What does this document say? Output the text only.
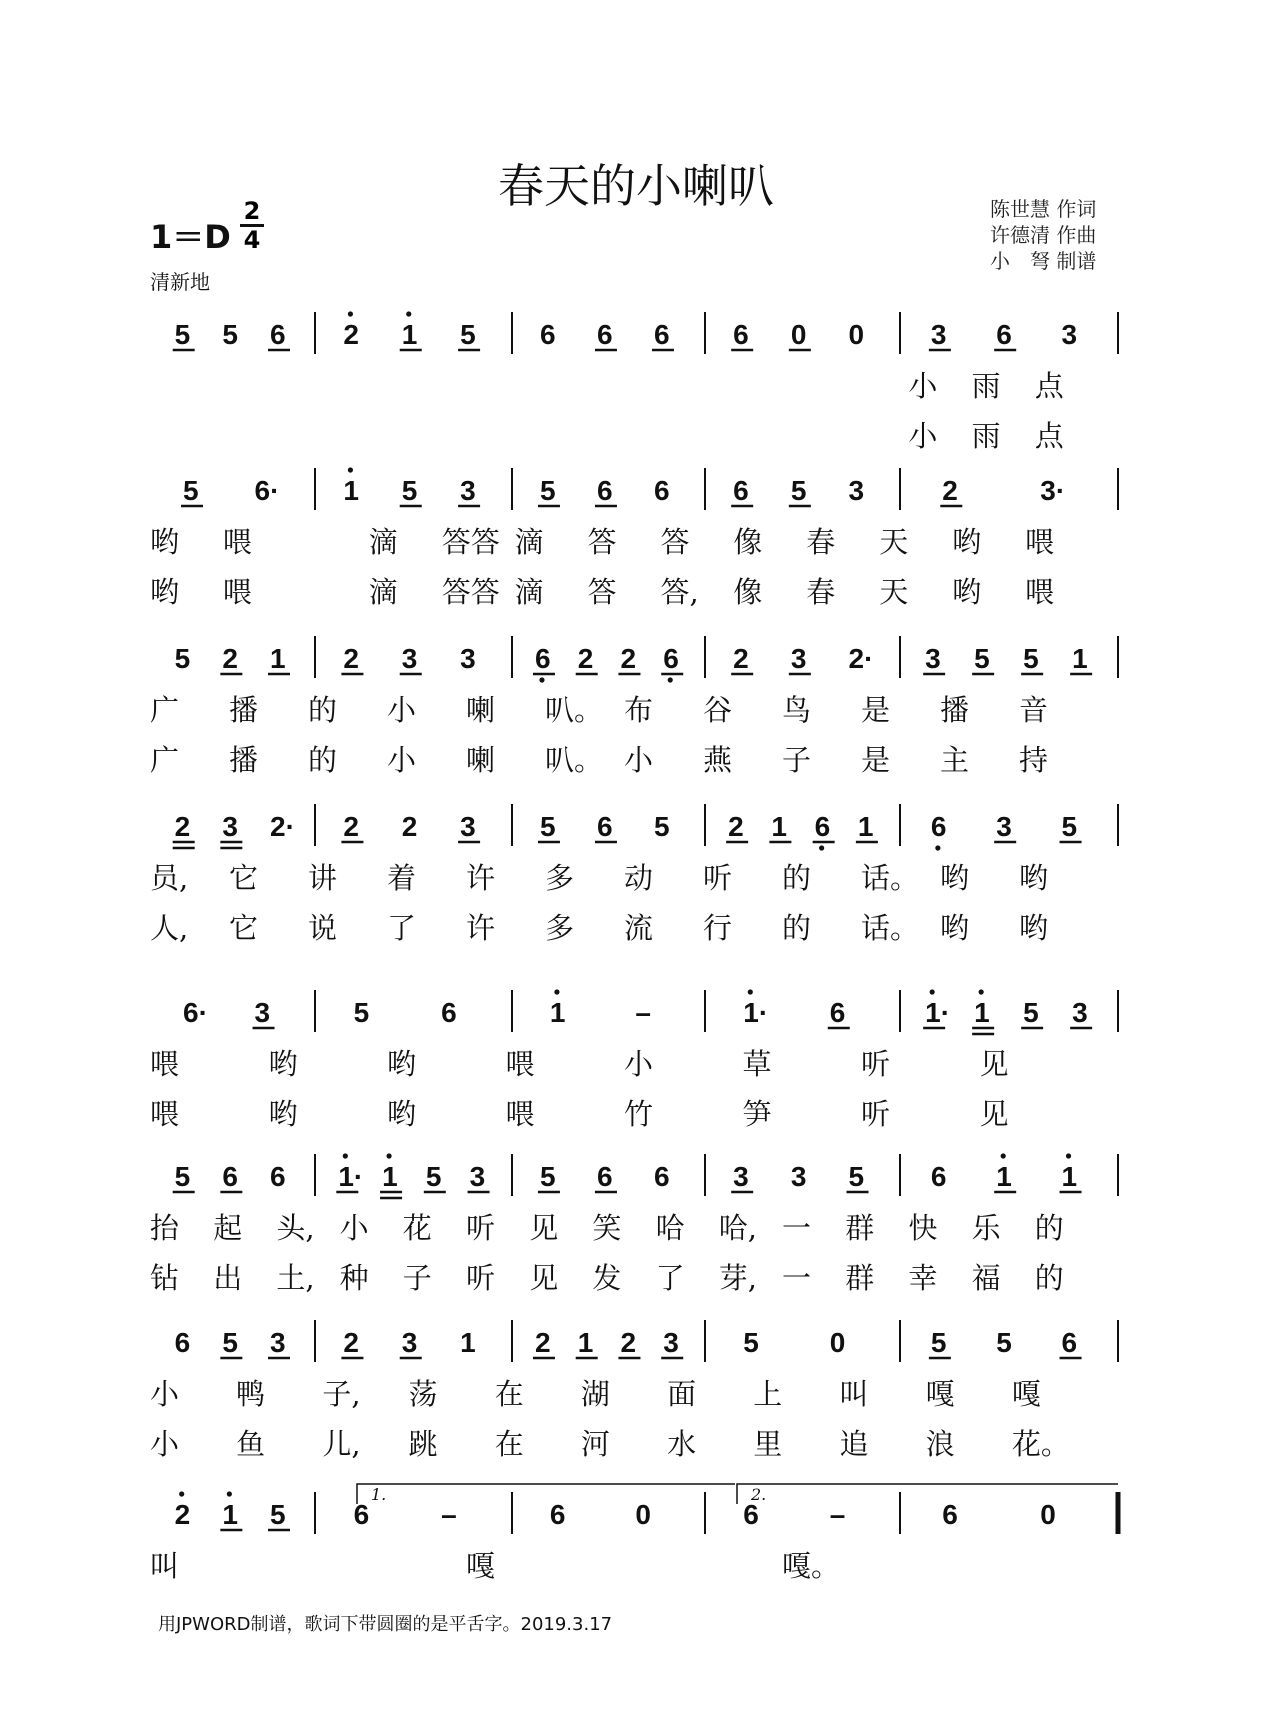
春天的小喇叭
1＝D
2
4
清新地
陈世慧 作词
许德清 作曲
小　弩 制谱
5 5 6 2 1 5 6 6 6 6 0 0 3 6 3
小 雨 点
小 雨 点
5 6· 1 5 3 5 6 6 6 5 3	2	3·
哟 喂	滴 答答 滴 答 答 像 春 天 哟 喂
哟 喂	滴 答答 滴 答 答, 像 春 天 哟 喂
5 2 1 2 3 3 6 2 2 6 2 3 2· 3 5 5 1
广 播 的 小 喇 叭。 布 谷 鸟 是 播 音
广 播 的 小 喇 叭。 小 燕 子 是 主 持
2 3 2· 2 2 3 5 6 5 2 1 6 1 6 3 5
员, 它 讲 着 许 多 动 听 的 话。 哟 哟
人, 它 说 了 许 多 流 行 的 话。 哟 哟
6· 3	5	6	1 –	1· 6	1· 1 5 3
喂	哟	哟	喂	小	草	听	见
喂	哟	哟	喂	竹	笋	听	见
5 6 6 1· 1 5 3 5 6 6 3 3 5 6 1 1
抬 起 头, 小 花 听 见 笑 哈 哈, 一 群 快 乐 的
钻 出 土, 种 子 听 见 发 了 芽, 一 群 幸 福 的
6 5 3 2 3 1 2 1 2 3 5	0	5 5 6
小 鸭 子, 荡 在 湖 面 上 叫 嘎 嘎
小 鱼 儿, 跳 在 河 水 里 追 浪 花。
2 1 5 6	–	6 0	6	–	6	0
叫	嘎	嘎。
1.	2.
用JPWORD制谱，歌词下带圆圈的是平舌字。2019.3.17
